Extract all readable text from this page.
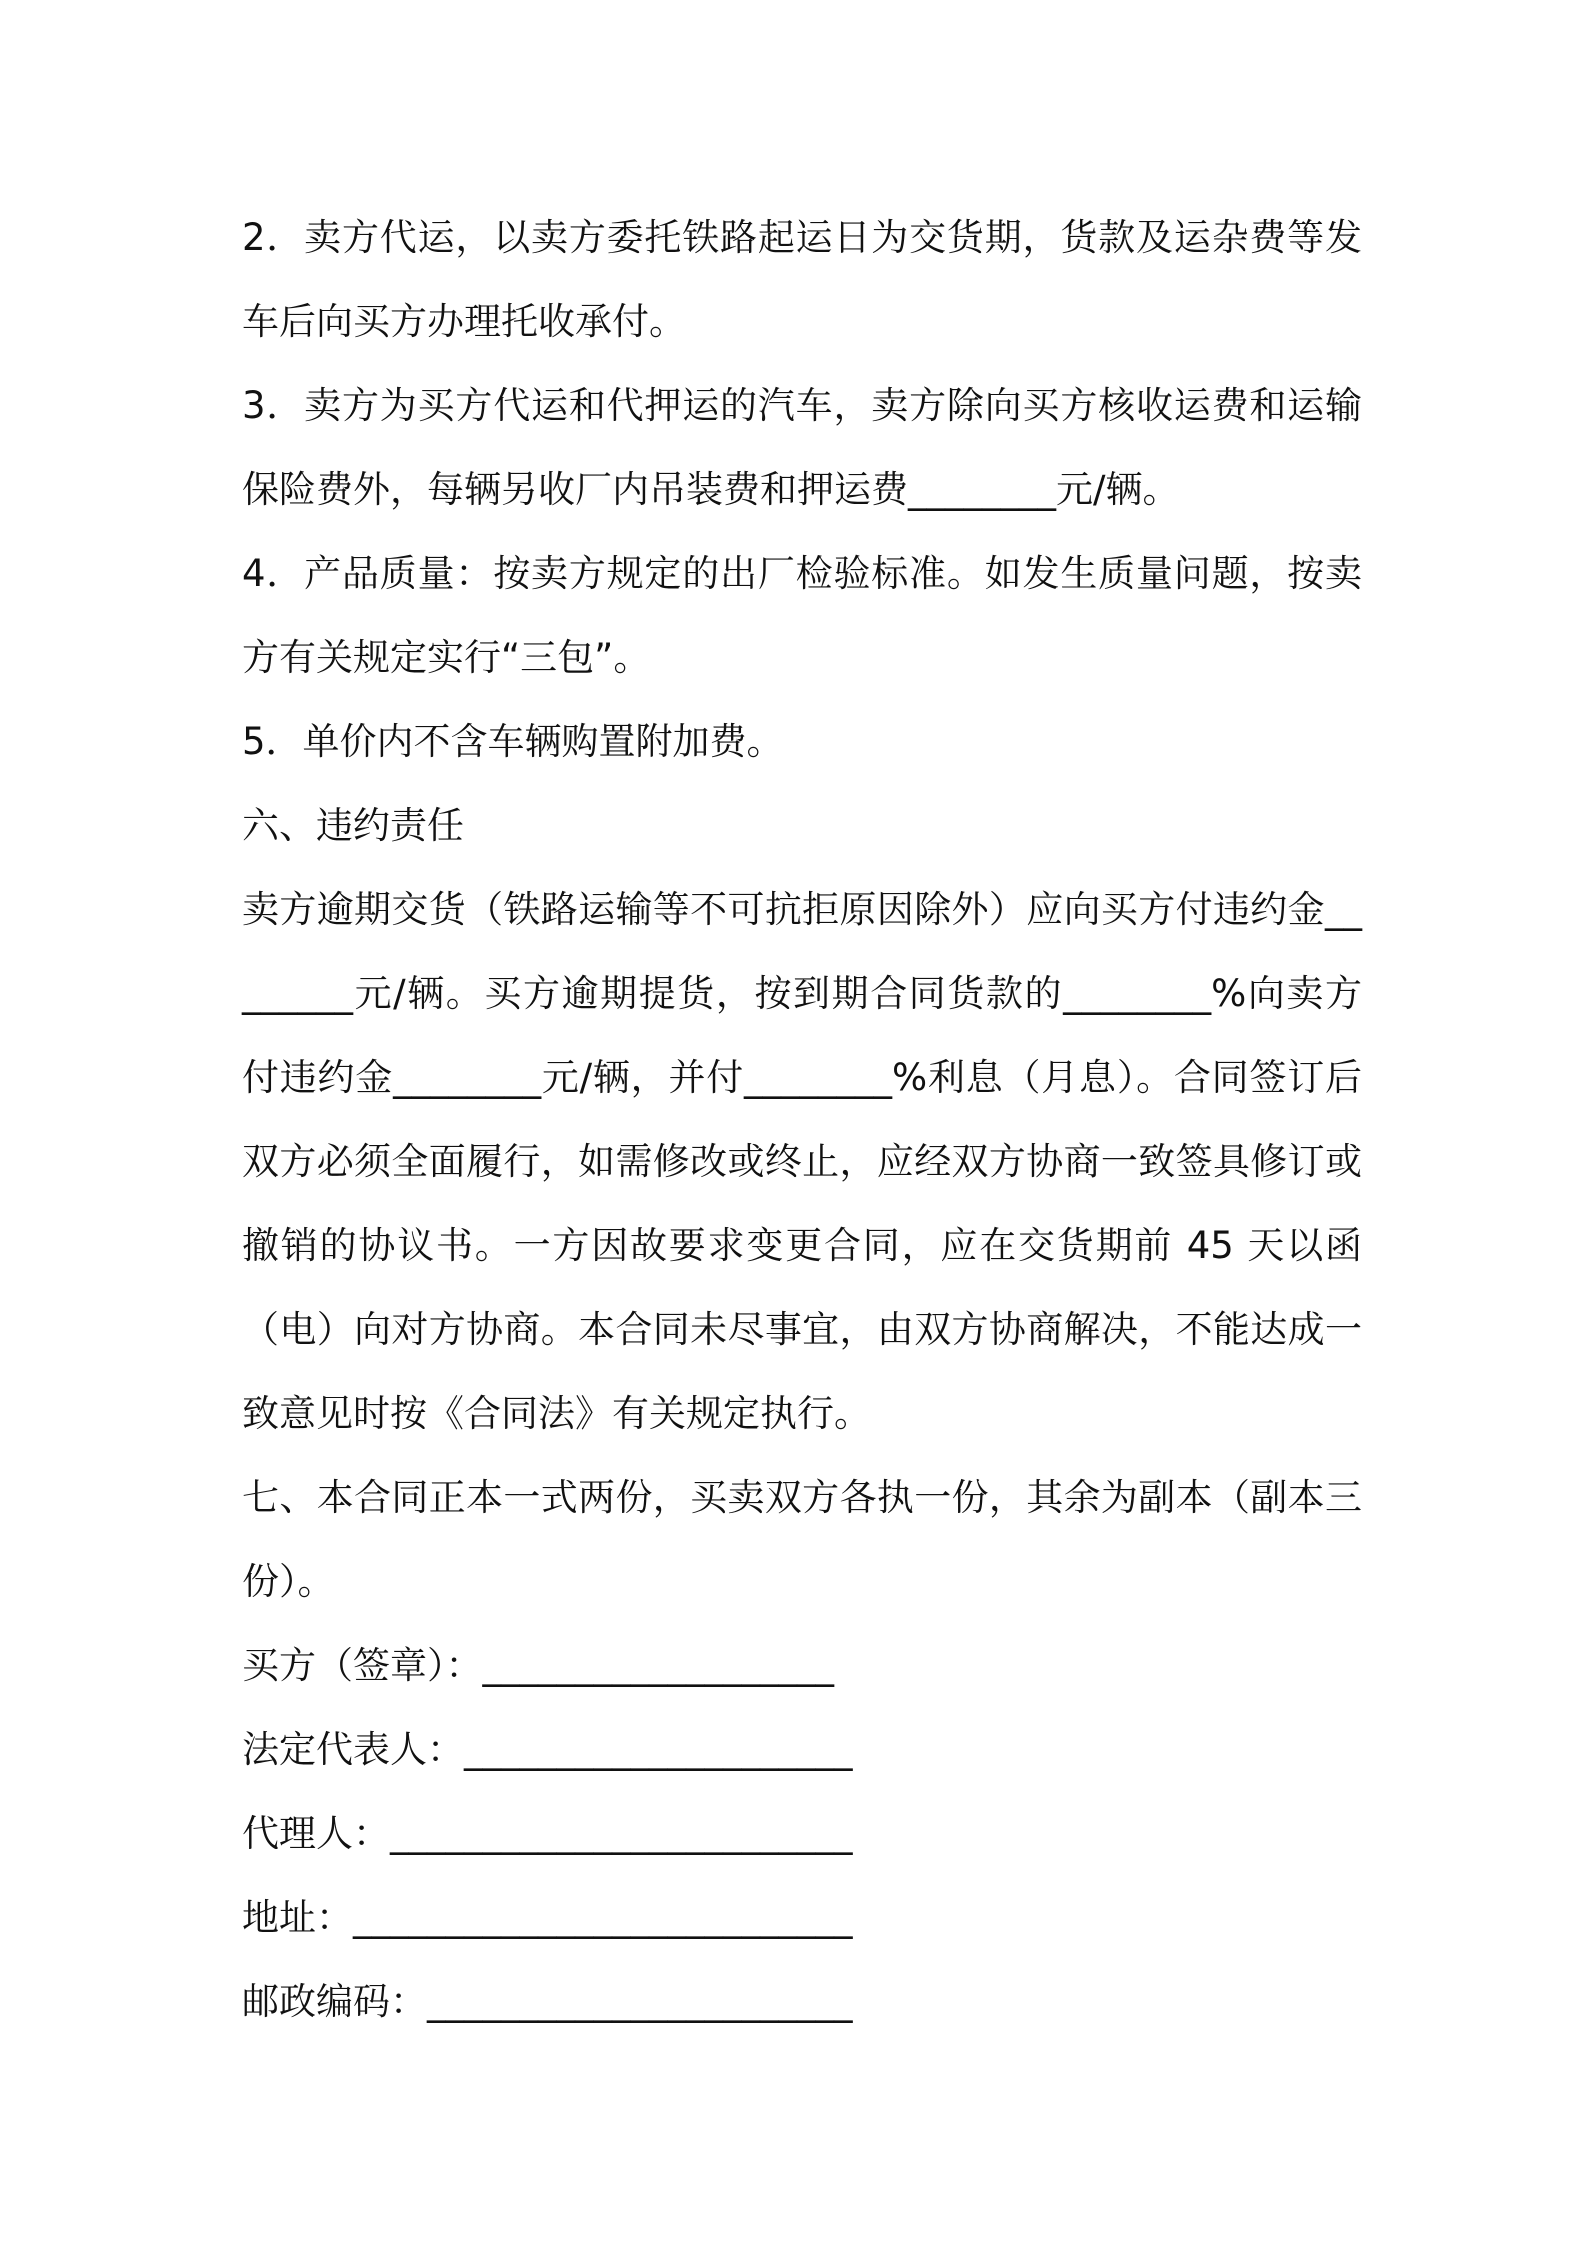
2．卖方代运，以卖方委托铁路起运日为交货期，货款及运杂费等发车后向买方办理托收承付。

3．卖方为买方代运和代押运的汽车，卖方除向买方核收运费和运输保险费外，每辆另收厂内吊装费和押运费________元/辆。

4．产品质量：按卖方规定的出厂检验标准。如发生质量问题，按卖方有关规定实行“三包”。

5．单价内不含车辆购置附加费。

六、违约责任

卖方逾期交货（铁路运输等不可抗拒原因除外）应向买方付违约金________元/辆。买方逾期提货，按到期合同货款的________%向卖方付违约金________元/辆，并付________%利息（月息）。合同签订后双方必须全面履行，如需修改或终止，应经双方协商一致签具修订或撤销的协议书。一方因故要求变更合同，应在交货期前 45 天以函（电）向对方协商。本合同未尽事宜，由双方协商解决，不能达成一致意见时按《合同法》有关规定执行。

七、本合同正本一式两份，买卖双方各执一份，其余为副本（副本三份）。

买方（签章）：___________________

法定代表人：_____________________

代理人：_________________________

地址：___________________________

邮政编码：_______________________
